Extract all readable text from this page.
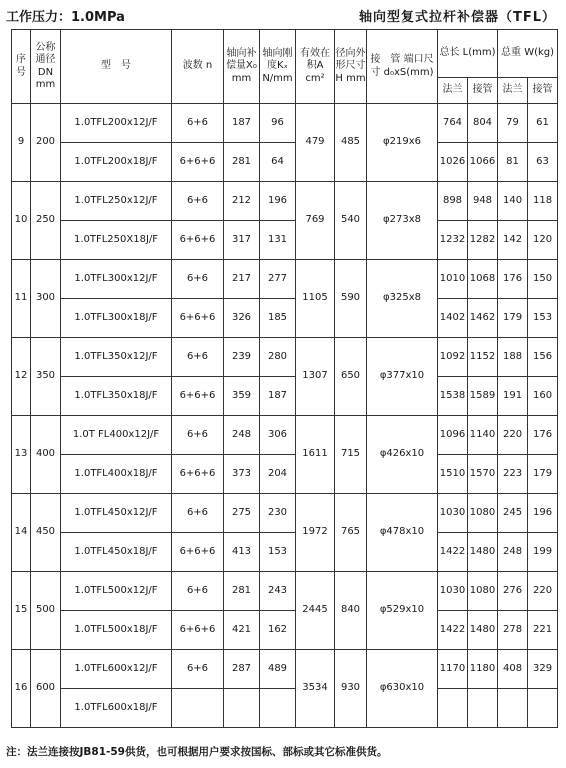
工作压力：1.0MPa	轴向型复式拉杆补偿器（TFL）
序号	公称通径DN mm	型　号	波数 n	轴向补偿量X₀ mm	轴向刚度Kₓ N/mm	有效在积A cm²	径向外形尺寸 H mm	接　管 端口尺寸 d₀xS(mm)	总长 L(mm)		总重 W(kg)	
									法兰	接管	法兰	接管
9	200	1.0TFL200x12J/F	6+6	187	96	479	485	φ219x6	764	804	79	61
		1.0TFL200x18J/F	6+6+6	281	64				1026	1066	81	63
10	250	1.0TFL250x12J/F	6+6	212	196	769	540	φ273x8	898	948	140	118
		1.0TFL250X18J/F	6+6+6	317	131				1232	1282	142	120
11	300	1.0TFL300x12J/F	6+6	217	277	1105	590	φ325x8	1010	1068	176	150
		1.0TFL300x18J/F	6+6+6	326	185				1402	1462	179	153
12	350	1.0TFL350x12J/F	6+6	239	280	1307	650	φ377x10	1092	1152	188	156
		1.0TFL350x18J/F	6+6+6	359	187				1538	1589	191	160
13	400	1.0T FL400x12J/F	6+6	248	306	1611	715	φ426x10	1096	1140	220	176
		1.0TFL400x18J/F	6+6+6	373	204				1510	1570	223	179
14	450	1.0TFL450x12J/F	6+6	275	230	1972	765	φ478x10	1030	1080	245	196
		1.0TFL450x18J/F	6+6+6	413	153				1422	1480	248	199
15	500	1.0TFL500x12J/F	6+6	281	243	2445	840	φ529x10	1030	1080	276	220
		1.0TFL500x18J/F	6+6+6	421	162				1422	1480	278	221
16	600	1.0TFL600x12J/F	6+6	287	489	3534	930	φ630x10	1170	1180	408	329
		1.0TFL600x18J/F										
注：法兰连接按JB81-59供货，也可根据用户要求按国标、部标或其它标准供货。
